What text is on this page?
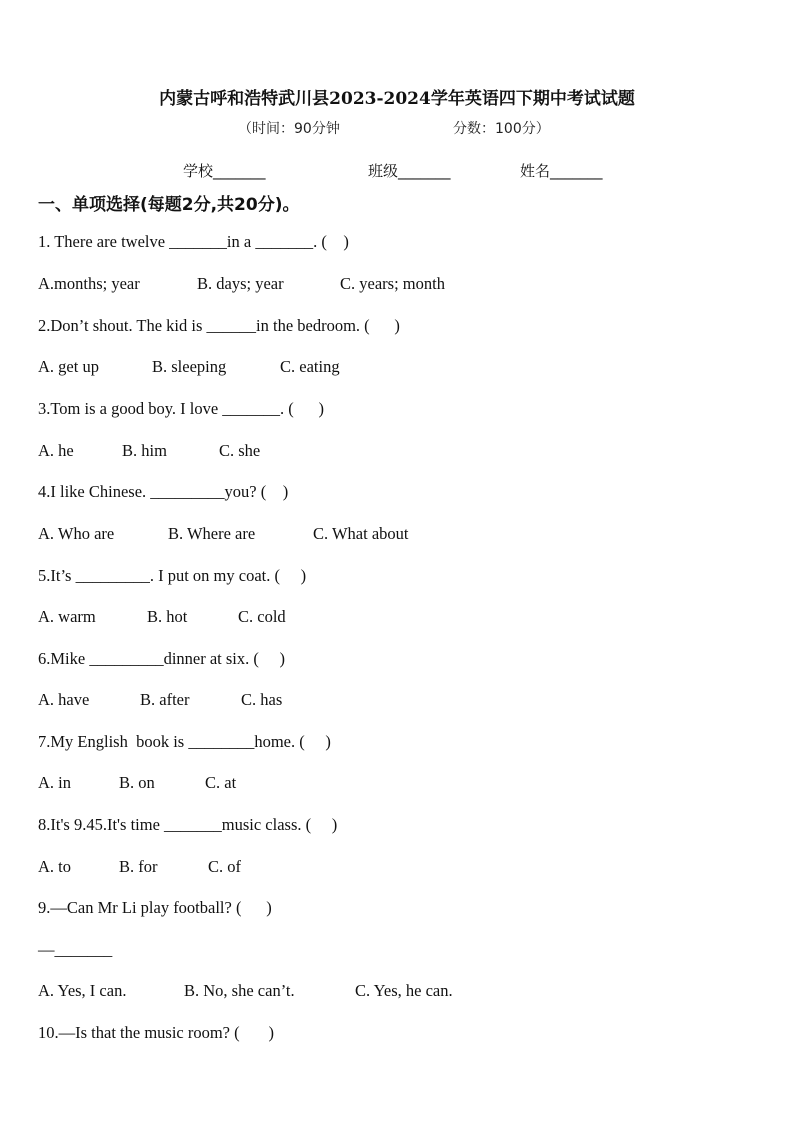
内蒙古呼和浩特武川县2023-2024学年英语四下期中考试试题
（时间：90分钟	分数：100分）
学校_______	班级_______	姓名_______
一、单项选择(每题2分,共20分)。
1. There are twelve _______in a _______. (    )
A.months; year	B. days; year	C. years; month
2.Don’t shout. The kid is ______in the bedroom. (      )
A. get up	B. sleeping	C. eating
3.Tom is a good boy. I love _______. (      )
A. he	B. him	C. she
4.I like Chinese. _________you? (    )
A. Who are	B. Where are	C. What about
5.It’s _________. I put on my coat. (     )
A. warm	B. hot	C. cold
6.Mike _________dinner at six. (     )
A. have	B. after	C. has
7.My English  book is ________home. (     )
A. in	B. on	C. at
8.It's 9.45.It's time _______music class. (     )
A. to	B. for	C. of
9.—Can Mr Li play football? (      )
—_______
A. Yes, I can.	B. No, she can’t.	C. Yes, he can.
10.—Is that the music room? (       )
